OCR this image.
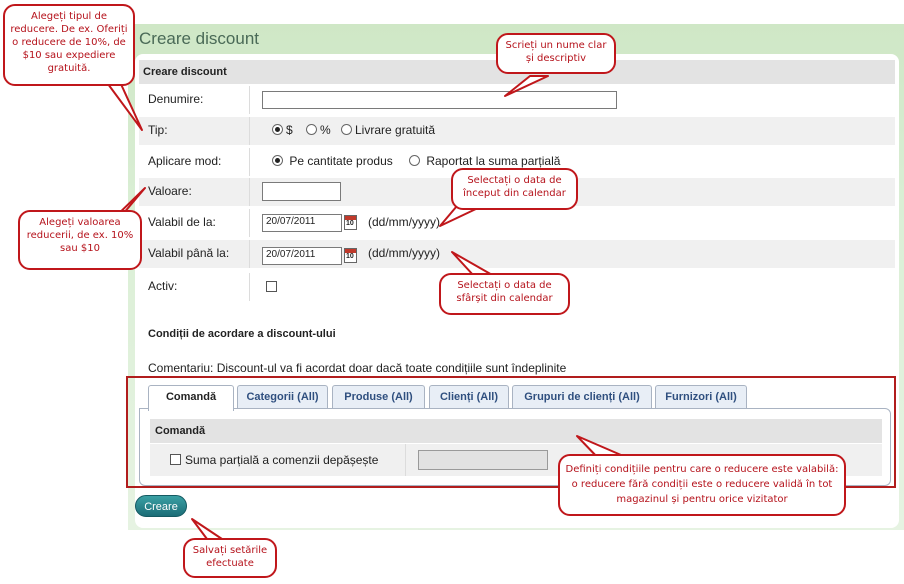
Creare discount
Creare discount
Denumire:
Tip:	$	%	Livrare gratuită
Aplicare mod:	Pe cantitate produs	Raportat la suma parțială
Valoare:
Valabil de la:	20/07/2011	10 (dd/mm/yyyy)
Valabil până la:	20/07/2011	10 (dd/mm/yyyy)
Activ:
Condiții de acordare a discount-ului
Comentariu: Discount-ul va fi acordat doar dacă toate condițiile sunt îndeplinite
Comandă	Categorii (All)	Produse (All)	Clienți (All)	Grupuri de clienți (All)	Furnizori (All)
Comandă
Suma parțială a comenzii depășește
Creare
Alegeți tipul de reducere. De ex. Oferiți o reducere de 10%, de $10 sau expediere gratuită.
Scrieți un nume clar și descriptiv
Alegeți valoarea reducerii, de ex. 10% sau $10
Selectați o data de început din calendar
Selectați o data de sfârșit din calendar
Definiți condițiile pentru care o reducere este valabilă: o reducere fără condiții este o reducere validă în tot magazinul și pentru orice vizitator
Salvați setările efectuate
